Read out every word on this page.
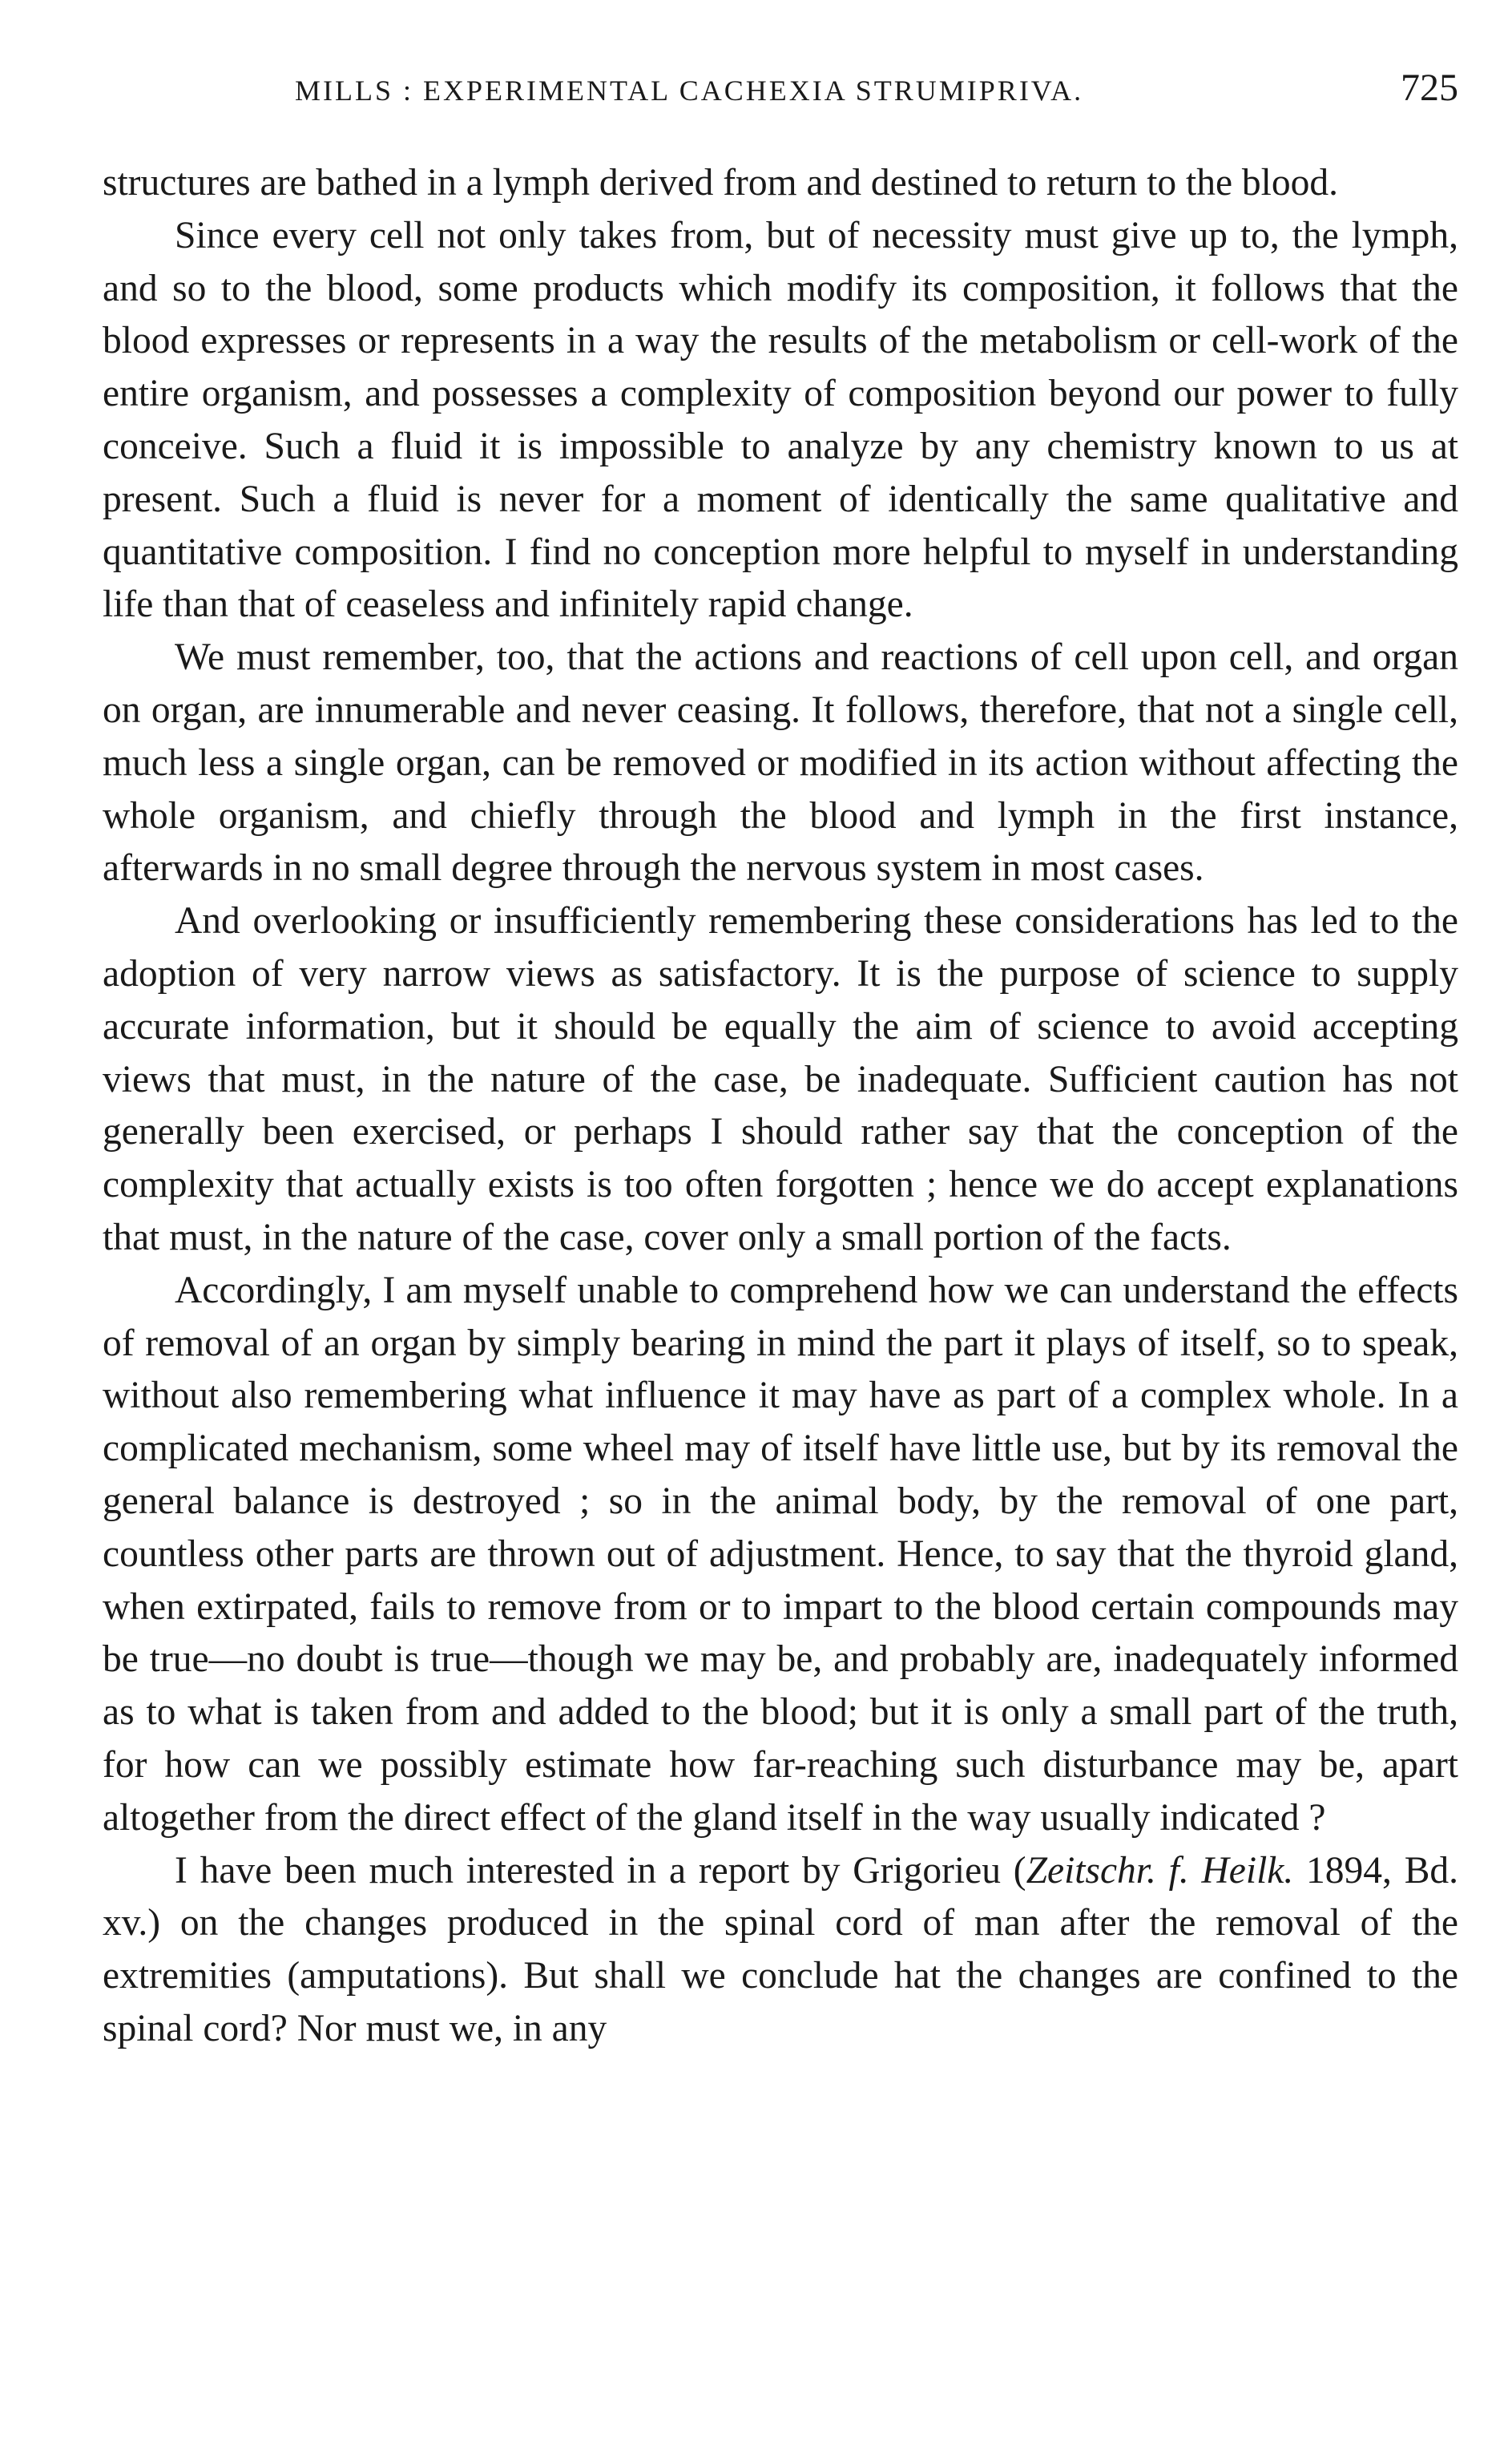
MILLS : EXPERIMENTAL CACHEXIA STRUMIPRIVA.	725

structures are bathed in a lymph derived from and destined to return to the blood.

Since every cell not only takes from, but of necessity must give up to, the lymph, and so to the blood, some products which modify its composition, it follows that the blood expresses or represents in a way the results of the metabolism or cell-work of the entire organism, and possesses a complexity of composition beyond our power to fully conceive. Such a fluid it is impossible to analyze by any chemistry known to us at present. Such a fluid is never for a moment of identically the same qualitative and quantitative composition. I find no conception more helpful to myself in understanding life than that of ceaseless and infinitely rapid change.

We must remember, too, that the actions and reactions of cell upon cell, and organ on organ, are innumerable and never ceasing. It follows, therefore, that not a single cell, much less a single organ, can be removed or modified in its action without affecting the whole organism, and chiefly through the blood and lymph in the first instance, afterwards in no small degree through the nervous system in most cases.

And overlooking or insufficiently remembering these considerations has led to the adoption of very narrow views as satisfactory. It is the purpose of science to supply accurate information, but it should be equally the aim of science to avoid accepting views that must, in the nature of the case, be inadequate. Sufficient caution has not generally been exercised, or perhaps I should rather say that the conception of the complexity that actually exists is too often forgotten ; hence we do accept explanations that must, in the nature of the case, cover only a small portion of the facts.

Accordingly, I am myself unable to comprehend how we can understand the effects of removal of an organ by simply bearing in mind the part it plays of itself, so to speak, without also remembering what influence it may have as part of a complex whole. In a complicated mechanism, some wheel may of itself have little use, but by its removal the general balance is destroyed ; so in the animal body, by the removal of one part, countless other parts are thrown out of adjustment. Hence, to say that the thyroid gland, when extirpated, fails to remove from or to impart to the blood certain compounds may be true—no doubt is true—though we may be, and probably are, inadequately informed as to what is taken from and added to the blood; but it is only a small part of the truth, for how can we possibly estimate how far-reaching such disturbance may be, apart altogether from the direct effect of the gland itself in the way usually indicated ?

I have been much interested in a report by Grigorieu (Zeitschr. f. Heilk. 1894, Bd. xv.) on the changes produced in the spinal cord of man after the removal of the extremities (amputations). But shall we conclude hat the changes are confined to the spinal cord? Nor must we, in any
